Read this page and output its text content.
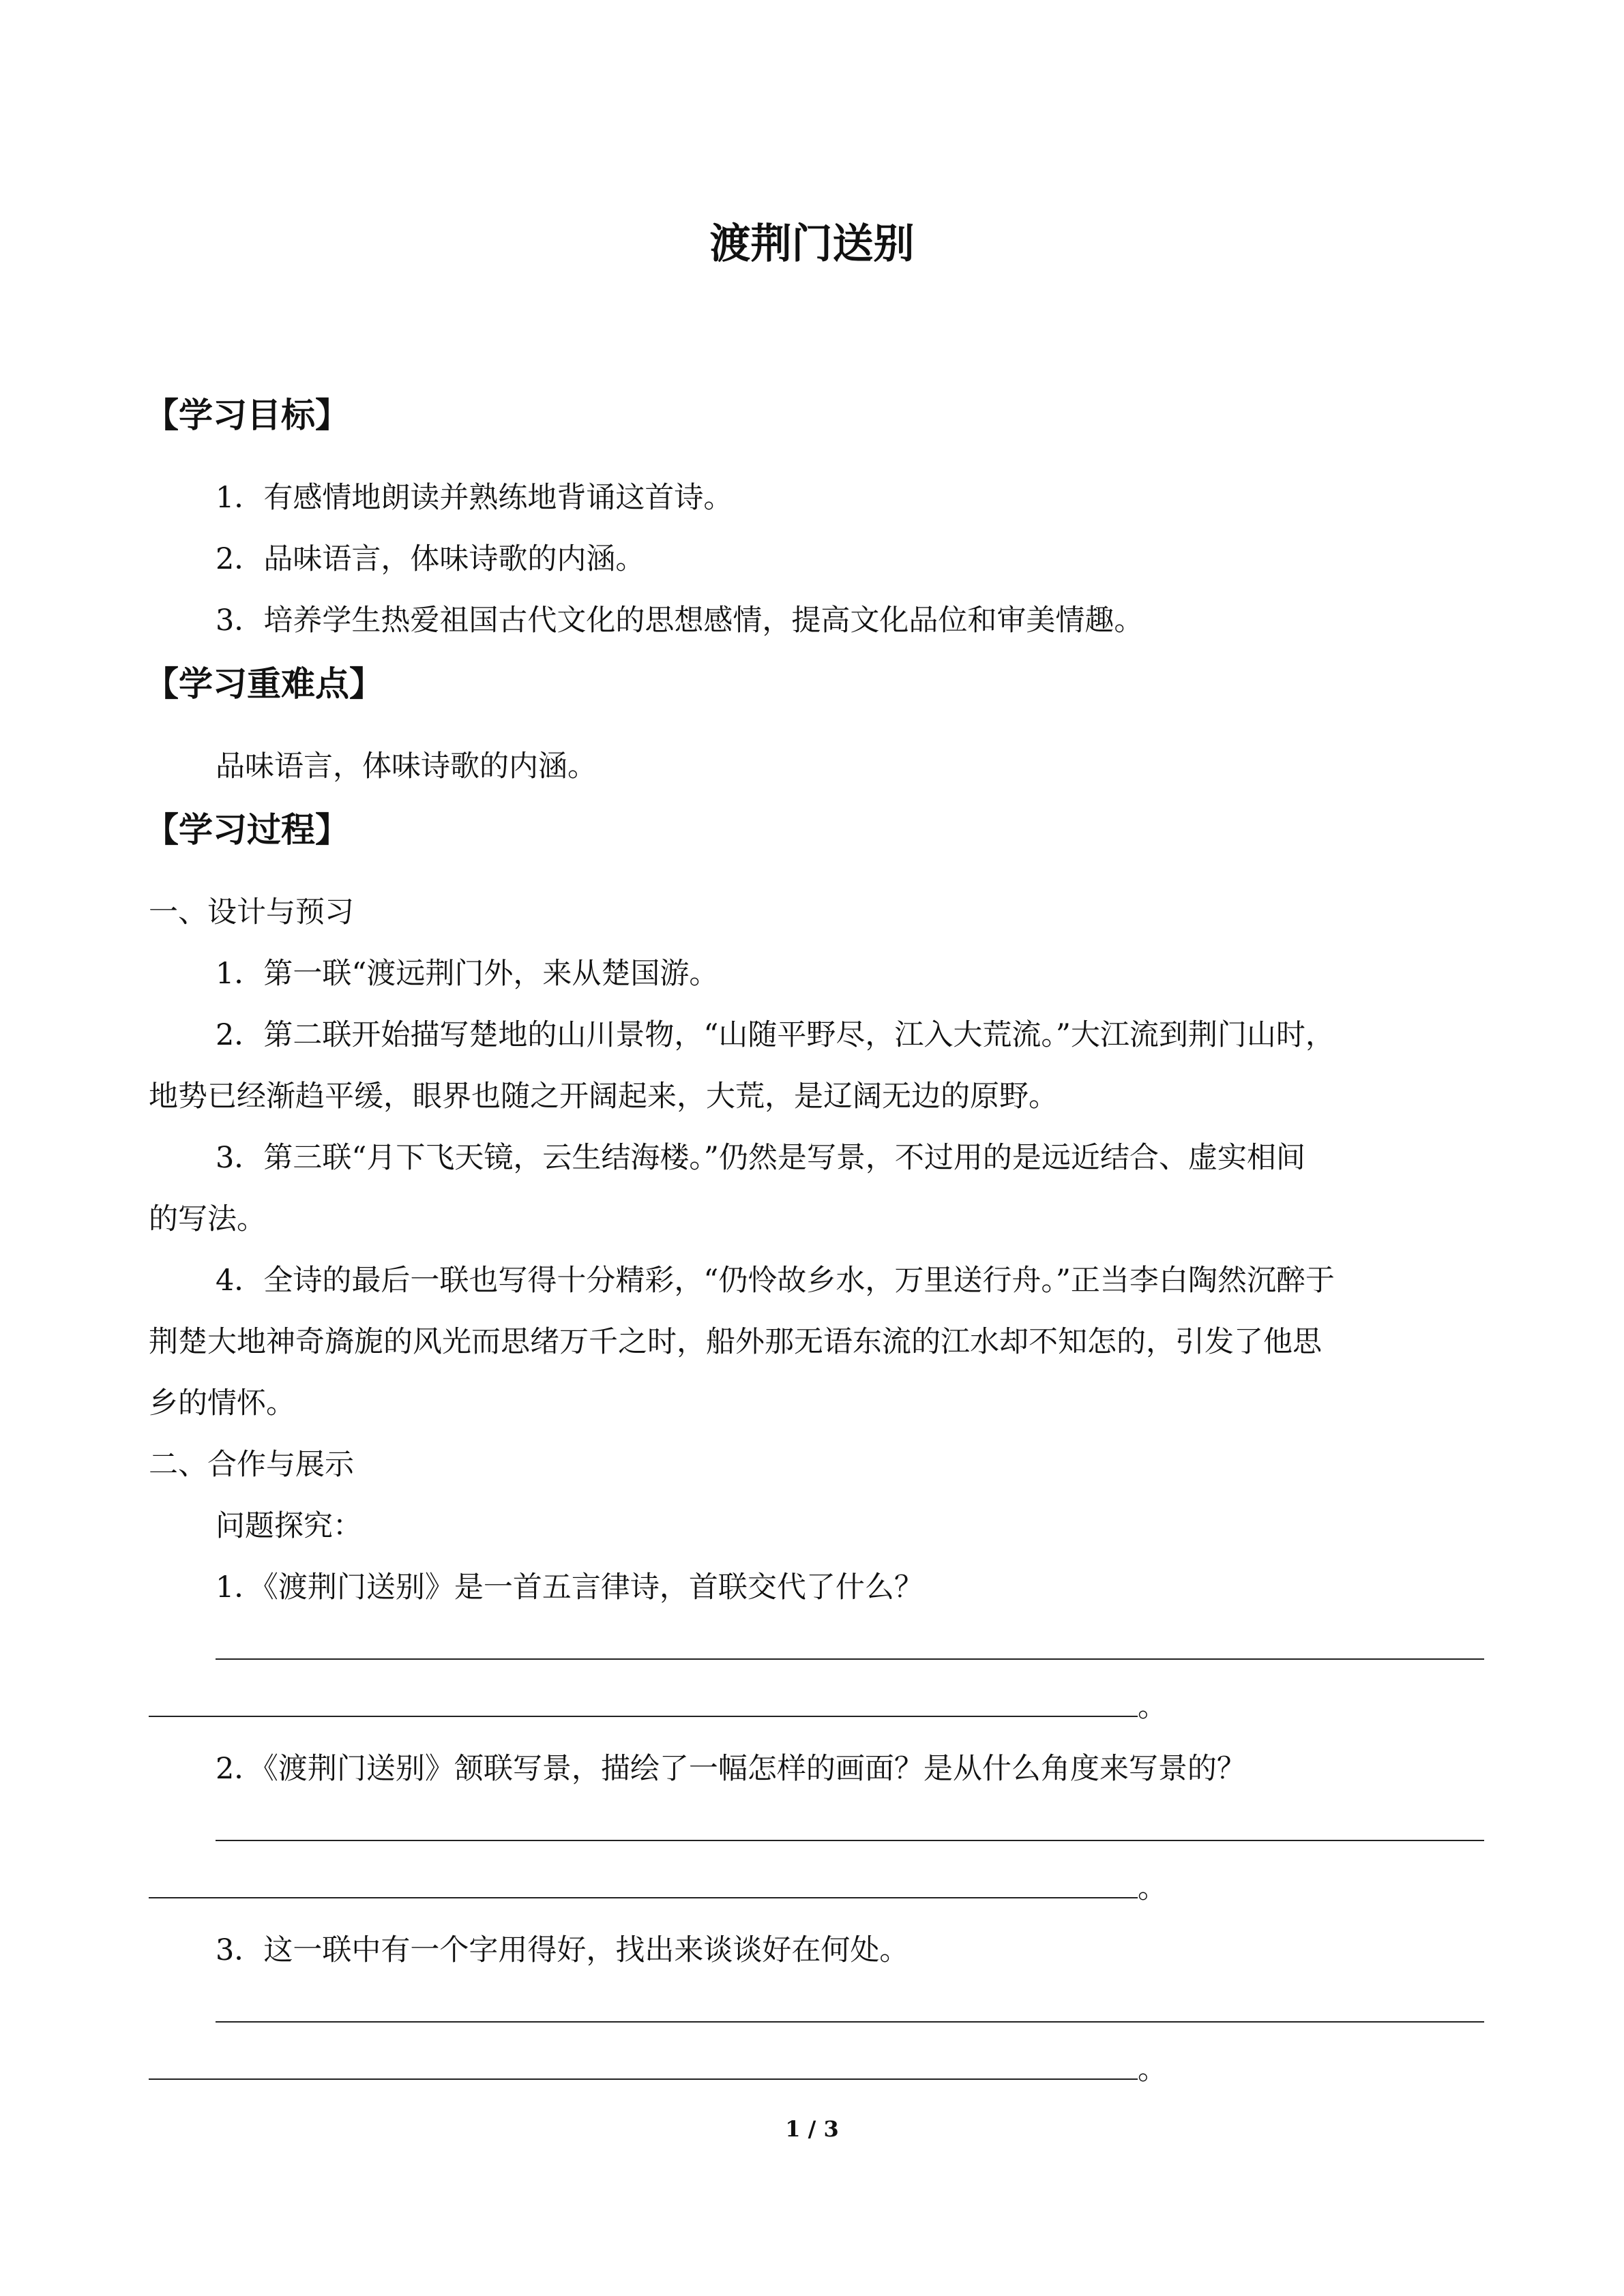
渡荆门送别
【学习目标】
1．有感情地朗读并熟练地背诵这首诗。
2．品味语言，体味诗歌的内涵。
3．培养学生热爱祖国古代文化的思想感情，提高文化品位和审美情趣。
【学习重难点】
品味语言，体味诗歌的内涵。
【学习过程】
一、设计与预习
1．第一联“渡远荆门外，来从楚国游。
2．第二联开始描写楚地的山川景物，“山随平野尽，江入大荒流。”大江流到荆门山时，
地势已经渐趋平缓，眼界也随之开阔起来，大荒，是辽阔无边的原野。
3．第三联“月下飞天镜，云生结海楼。”仍然是写景，不过用的是远近结合、虚实相间
的写法。
4．全诗的最后一联也写得十分精彩，“仍怜故乡水，万里送行舟。”正当李白陶然沉醉于
荆楚大地神奇旖旎的风光而思绪万千之时，船外那无语东流的江水却不知怎的，引发了他思
乡的情怀。
二、合作与展示
问题探究：
1．《渡荆门送别》是一首五言律诗，首联交代了什么？
。
2．《渡荆门送别》颔联写景，描绘了一幅怎样的画面？是从什么角度来写景的？
。
3．这一联中有一个字用得好，找出来谈谈好在何处。
。
1 / 3
